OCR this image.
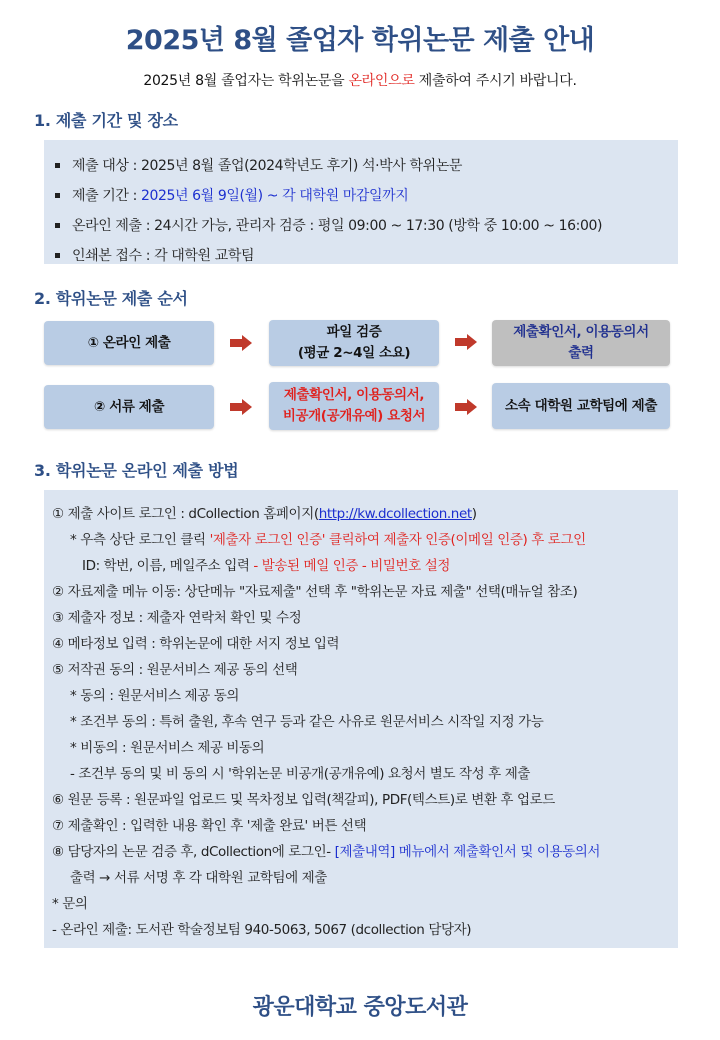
2025년 8월 졸업자 학위논문 제출 안내
2025년 8월 졸업자는 학위논문을 온라인으로 제출하여 주시기 바랍니다.
1. 제출 기간 및 장소
제출 대상 : 2025년 8월 졸업(2024학년도 후기) 석·박사 학위논문
제출 기간 : 2025년 6월 9일(월) ~ 각 대학원 마감일까지
온라인 제출 : 24시간 가능, 관리자 검증 : 평일 09:00 ~ 17:30 (방학 중 10:00 ~ 16:00)
인쇄본 접수 : 각 대학원 교학팀
2. 학위논문 제출 순서
① 온라인 제출
파일 검증
(평균 2~4일 소요)
제출확인서, 이용동의서
출력
② 서류 제출
제출확인서, 이용동의서,
비공개(공개유예) 요청서
소속 대학원 교학팀에 제출
3. 학위논문 온라인 제출 방법
① 제출 사이트 로그인 : dCollection 홈페이지(http://kw.dcollection.net)
* 우측 상단 로그인 클릭 '제출자 로그인 인증' 클릭하여 제출자 인증(이메일 인증) 후 로그인
ID: 학번, 이름, 메일주소 입력 - 발송된 메일 인증 - 비밀번호 설정
② 자료제출 메뉴 이동: 상단메뉴 "자료제출" 선택 후 "학위논문 자료 제출" 선택(매뉴얼 참조)
③ 제출자 정보 : 제출자 연락처 확인 및 수정
④ 메타정보 입력 : 학위논문에 대한 서지 정보 입력
⑤ 저작권 동의 : 원문서비스 제공 동의 선택
* 동의 : 원문서비스 제공 동의
* 조건부 동의 : 특허 출원, 후속 연구 등과 같은 사유로 원문서비스 시작일 지정 가능
* 비동의 : 원문서비스 제공 비동의
- 조건부 동의 및 비 동의 시 '학위논문 비공개(공개유예) 요청서 별도 작성 후 제출
⑥ 원문 등록 : 원문파일 업로드 및 목차정보 입력(책갈피), PDF(텍스트)로 변환 후 업로드
⑦ 제출확인 : 입력한 내용 확인 후 '제출 완료' 버튼 선택
⑧ 담당자의 논문 검증 후, dCollection에 로그인- [제출내역] 메뉴에서 제출확인서 및 이용동의서
출력 → 서류 서명 후 각 대학원 교학팀에 제출
* 문의
- 온라인 제출: 도서관 학술정보팀 940-5063, 5067 (dcollection 담당자)
광운대학교 중앙도서관
